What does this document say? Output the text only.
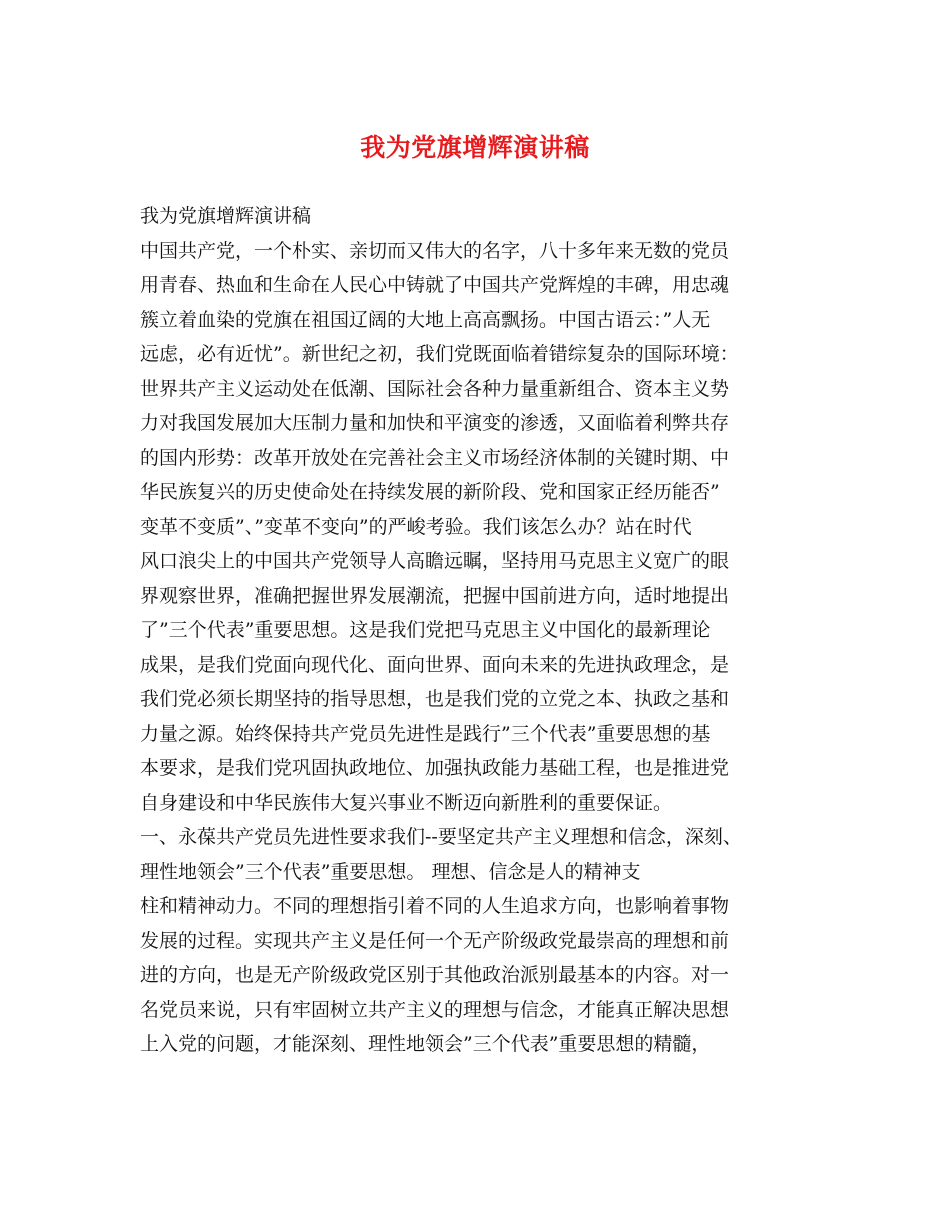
我为党旗增辉演讲稿
我为党旗增辉演讲稿
中国共产党，一个朴实、亲切而又伟大的名字，八十多年来无数的党员
用青春、热血和生命在人民心中铸就了中国共产党辉煌的丰碑，用忠魂
簇立着血染的党旗在祖国辽阔的大地上高高飘扬。中国古语云：”人无
远虑，必有近忧”。新世纪之初，我们党既面临着错综复杂的国际环境：
世界共产主义运动处在低潮、国际社会各种力量重新组合、资本主义势
力对我国发展加大压制力量和加快和平演变的渗透，又面临着利弊共存
的国内形势：改革开放处在完善社会主义市场经济体制的关键时期、中
华民族复兴的历史使命处在持续发展的新阶段、党和国家正经历能否”
变革不变质”、”变革不变向”的严峻考验。我们该怎么办？站在时代
风口浪尖上的中国共产党领导人高瞻远瞩，坚持用马克思主义宽广的眼
界观察世界，准确把握世界发展潮流，把握中国前进方向，适时地提出
了”三个代表”重要思想。这是我们党把马克思主义中国化的最新理论
成果，是我们党面向现代化、面向世界、面向未来的先进执政理念，是
我们党必须长期坚持的指导思想，也是我们党的立党之本、执政之基和
力量之源。始终保持共产党员先进性是践行”三个代表”重要思想的基
本要求，是我们党巩固执政地位、加强执政能力基础工程，也是推进党
自身建设和中华民族伟大复兴事业不断迈向新胜利的重要保证。
一、永葆共产党员先进性要求我们--要坚定共产主义理想和信念，深刻、
理性地领会”三个代表”重要思想。 理想、信念是人的精神支
柱和精神动力。不同的理想指引着不同的人生追求方向，也影响着事物
发展的过程。实现共产主义是任何一个无产阶级政党最崇高的理想和前
进的方向，也是无产阶级政党区别于其他政治派别最基本的内容。对一
名党员来说，只有牢固树立共产主义的理想与信念，才能真正解决思想
上入党的问题，才能深刻、理性地领会”三个代表”重要思想的精髓，
